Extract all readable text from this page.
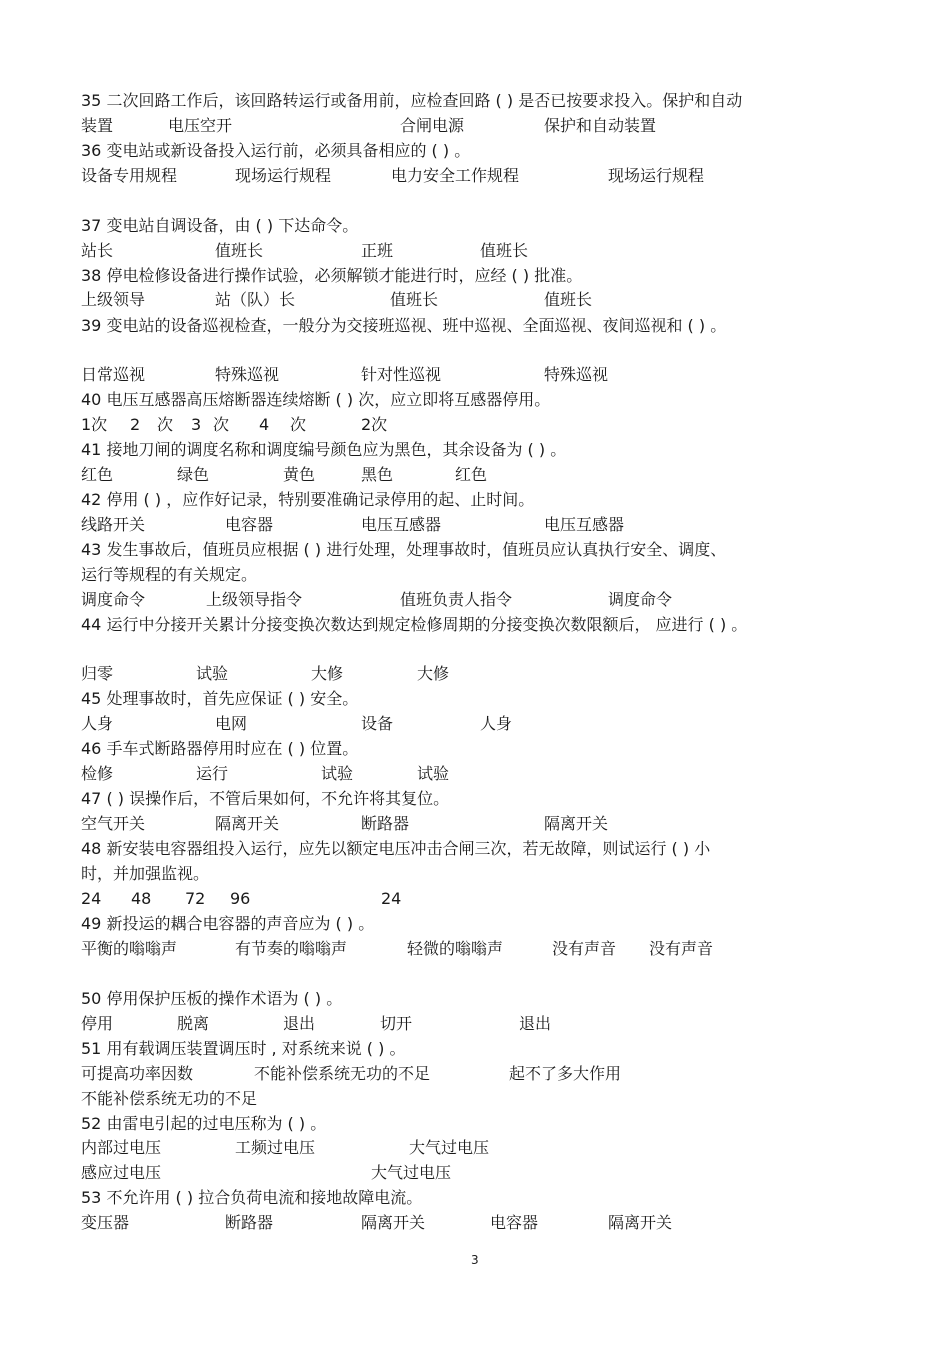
35 二次回路工作后，该回路转运行或备用前，应检查回路 ( ) 是否已按要求投入。保护和自动
装置	电压空开	合闸电源	保护和自动装置
36 变电站或新设备投入运行前，必须具备相应的 ( ) 。
设备专用规程	现场运行规程	电力安全工作规程	现场运行规程
37 变电站自调设备，由 ( ) 下达命令。
站长	值班长	正班	值班长
38 停电检修设备进行操作试验，必须解锁才能进行时，应经 ( ) 批准。
上级领导	站（队）长	值班长	值班长
39 变电站的设备巡视检查，一般分为交接班巡视、班中巡视、全面巡视、夜间巡视和 ( ) 。
日常巡视	特殊巡视	针对性巡视	特殊巡视
40 电压互感器高压熔断器连续熔断 ( ) 次，应立即将互感器停用。
1次 2 次 3 次 4 次	2次
41 接地刀闸的调度名称和调度编号颜色应为黑色，其余设备为 ( ) 。
红色	绿色	黄色	黑色	红色
42 停用 ( ) ，应作好记录，特别要准确记录停用的起、止时间。
线路开关	电容器	电压互感器	电压互感器
43 发生事故后，值班员应根据 ( ) 进行处理，处理事故时，值班员应认真执行安全、调度、
运行等规程的有关规定。
调度命令	上级领导指令	值班负责人指令	调度命令
44 运行中分接开关累计分接变换次数达到规定检修周期的分接变换次数限额后， 应进行 ( ) 。
归零	试验	大修	大修
45 处理事故时，首先应保证 ( ) 安全。
人身	电网	设备	人身
46 手车式断路器停用时应在 ( ) 位置。
检修	运行	试验	试验
47 ( ) 误操作后，不管后果如何，不允许将其复位。
空气开关	隔离开关	断路器	隔离开关
48 新安装电容器组投入运行，应先以额定电压冲击合闸三次，若无故障，则试运行 ( ) 小
时，并加强监视。
24 48 72 96	24
49 新投运的耦合电容器的声音应为 ( ) 。
平衡的嗡嗡声	有节奏的嗡嗡声	轻微的嗡嗡声	没有声音 没有声音
50 停用保护压板的操作术语为 ( ) 。
停用	脱离	退出	切开	退出
51 用有载调压装置调压时 , 对系统来说 ( ) 。
可提高功率因数	不能补偿系统无功的不足	起不了多大作用
不能补偿系统无功的不足
52 由雷电引起的过电压称为 ( ) 。
内部过电压	工频过电压	大气过电压
感应过电压	大气过电压
53 不允许用 ( ) 拉合负荷电流和接地故障电流。
变压器	断路器	隔离开关	电容器	隔离开关
3
